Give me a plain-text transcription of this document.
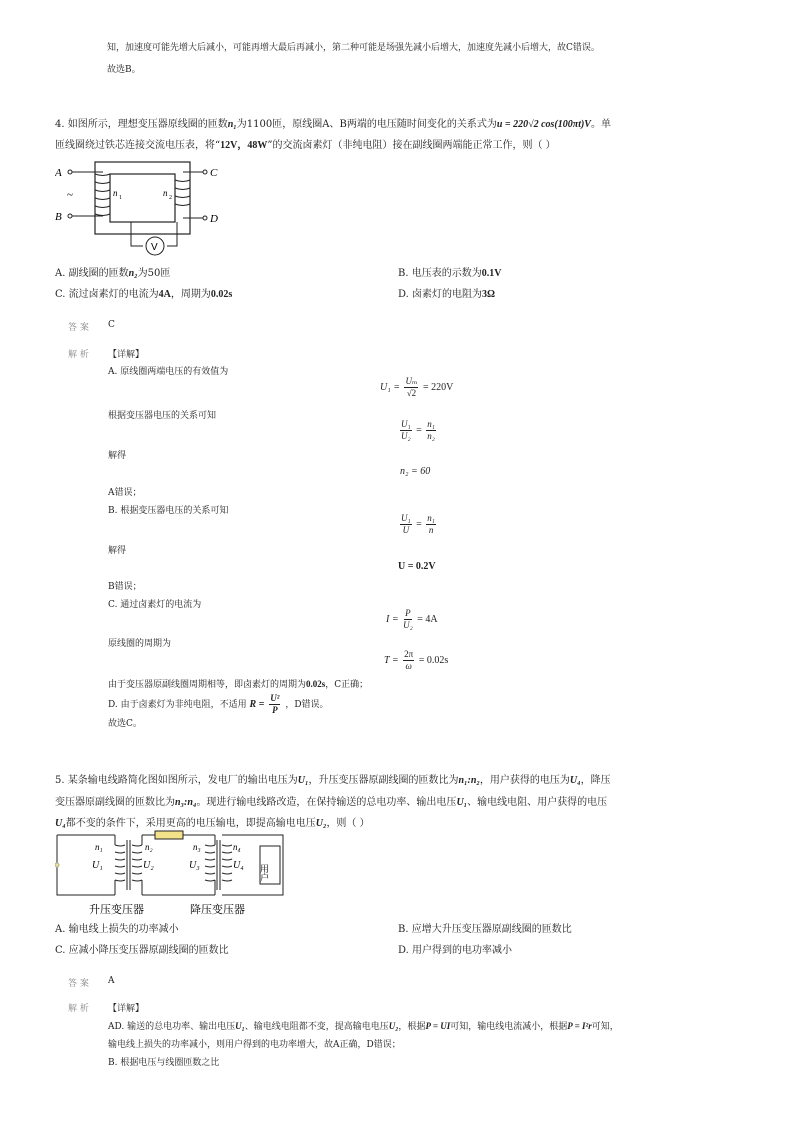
知，加速度可能先增大后减小，可能再增大最后再减小，第二种可能是场强先减小后增大，加速度先减小后增大，故C错误。
故选B。
4. 如图所示，理想变压器原线圈的匝数n₁为1100匝，原线圈A、B两端的电压随时间变化的关系式为u = 220√2 cos(100πt)V。单
匝线圈绕过铁芯连接交流电压表，将“12V，48W”的交流卤素灯（非纯电阻）接在副线圈两端能正常工作，则（ ）
A
B
C
D
~	n 1	n 2
V
A. 副线圈的匝数n₂为50匝	B. 电压表的示数为0.1V
C. 流过卤素灯的电流为4A，周期为0.02s	D. 卤素灯的电阻为3Ω
答 案 C
解 析 【详解】
A. 原线圈两端电压的有效值为
$U_1 = \frac{\text{Uₘ}}{√2} = 220V$
根据变压器电压的关系可知
$\frac{\text{U₁}}{\text{U₂}} = \frac{\text{n₁}}{\text{n₂}}$
解得
n₂ = 60
A错误；
B. 根据变压器电压的关系可知
$\frac{\text{U₁}}{U} = \frac{\text{n₁}}{n}$
解得
U = 0.2V
B错误；
C. 通过卤素灯的电流为
$I = \frac{P}{\text{U₂}} = 4A$
原线圈的周期为
$T = \frac{2\pi}{\omega} = 0.02s$
由于变压器原副线圈周期相等，即卤素灯的周期为0.02s，C正确；
D. 由于卤素灯为非纯电阻，不适用 $R = \frac{\text{U²}}{P}$ ，D错误。
故选C。
5. 某条输电线路简化图如图所示，发电厂的输出电压为U₁，升压变压器原副线圈的匝数比为n₁:n₂，用户获得的电压为U₄，降压
变压器原副线圈的匝数比为n₃:n₄。现进行输电线路改造，在保持输送的总电功率、输出电压U₁、输电线电阻、用户获得的电压
U₄都不变的条件下，采用更高的电压输电，即提高输电电压U₂，则（ ）
n₁
U₁
n₂
U₂
n₃
U₃
n₄
U₄ 用户
升压变压器	降压变压器
A. 输电线上损失的功率减小	B. 应增大升压变压器原副线圈的匝数比
C. 应减小降压变压器原副线圈的匝数比	D. 用户得到的电功率减小
答 案 A
解 析 【详解】
AD. 输送的总电功率、输出电压U₁、输电线电阻都不变，提高输电电压U₂，根据P = UI可知，输电线电流减小，根据P = I²r可知，
输电线上损失的功率减小，则用户得到的电功率增大，故A正确，D错误；
B. 根据电压与线圈匝数之比
